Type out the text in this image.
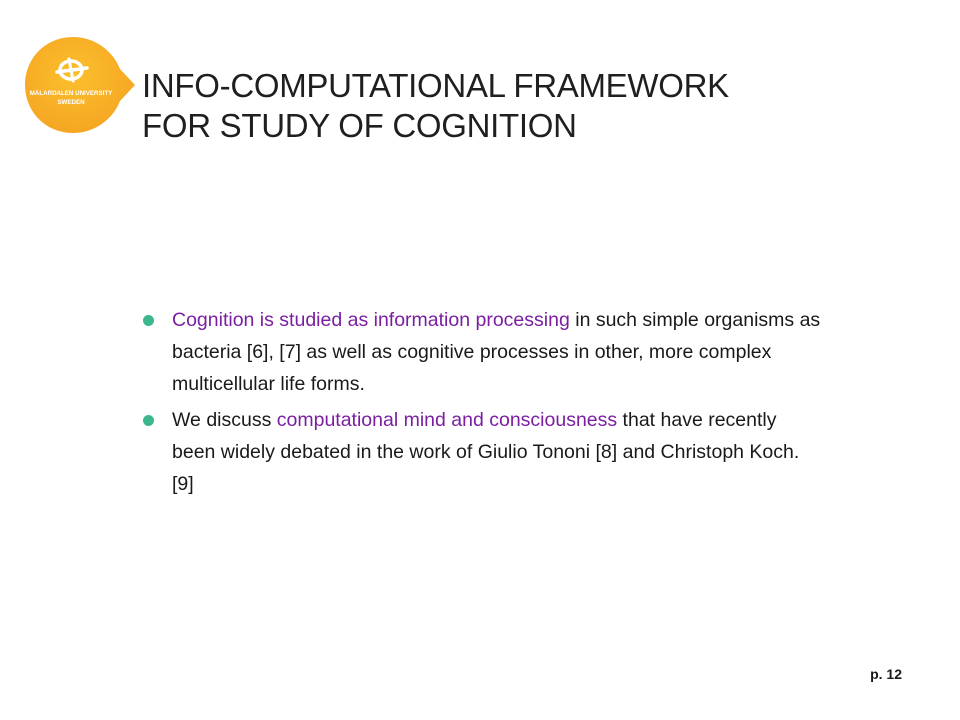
MÄLARDALEN UNIVERSITY
SWEDEN INFO-COMPUTATIONAL FRAMEWORK
FOR STUDY OF COGNITION
Cognition is studied as information processing in such simple organisms as bacteria [6], [7] as well as cognitive processes in other, more complex multicellular life forms.
We discuss computational mind and consciousness that have recently been widely debated in the work of Giulio Tononi [8] and Christoph Koch. [9]
p. 12
